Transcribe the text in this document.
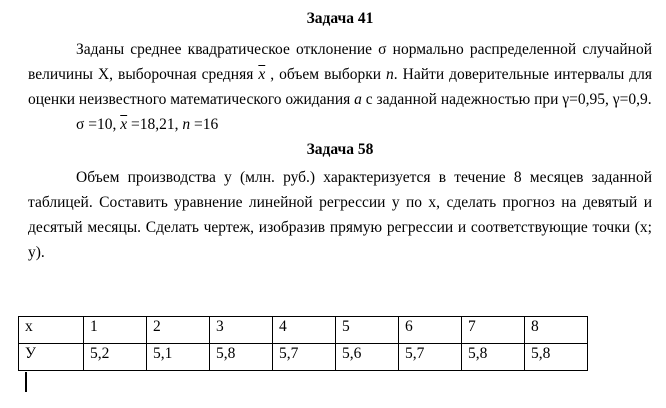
Задача 41

Заданы среднее квадратическое отклонение σ нормально распределенной случайной величины X, выборочная средняя $\overline{x}$ , объем выборки n. Найти доверительные интервалы для оценки неизвестного математического ожидания a с заданной надежностью при γ=0,95, γ=0,9.

σ =10, $\overline{x} =18,21$, n =16

Задача 58

Объем производства у (млн. руб.) характеризуется в течение 8 месяцев заданной таблицей. Составить уравнение линейной регрессии у по х, сделать прогноз на девятый и десятый месяцы. Сделать чертеж, изобразив прямую регрессии и соответствующие точки (х; у).

х	1	2	3	4	5	6	7	8
У	5,2	5,1	5,8	5,7	5,6	5,7	5,8	5,8
